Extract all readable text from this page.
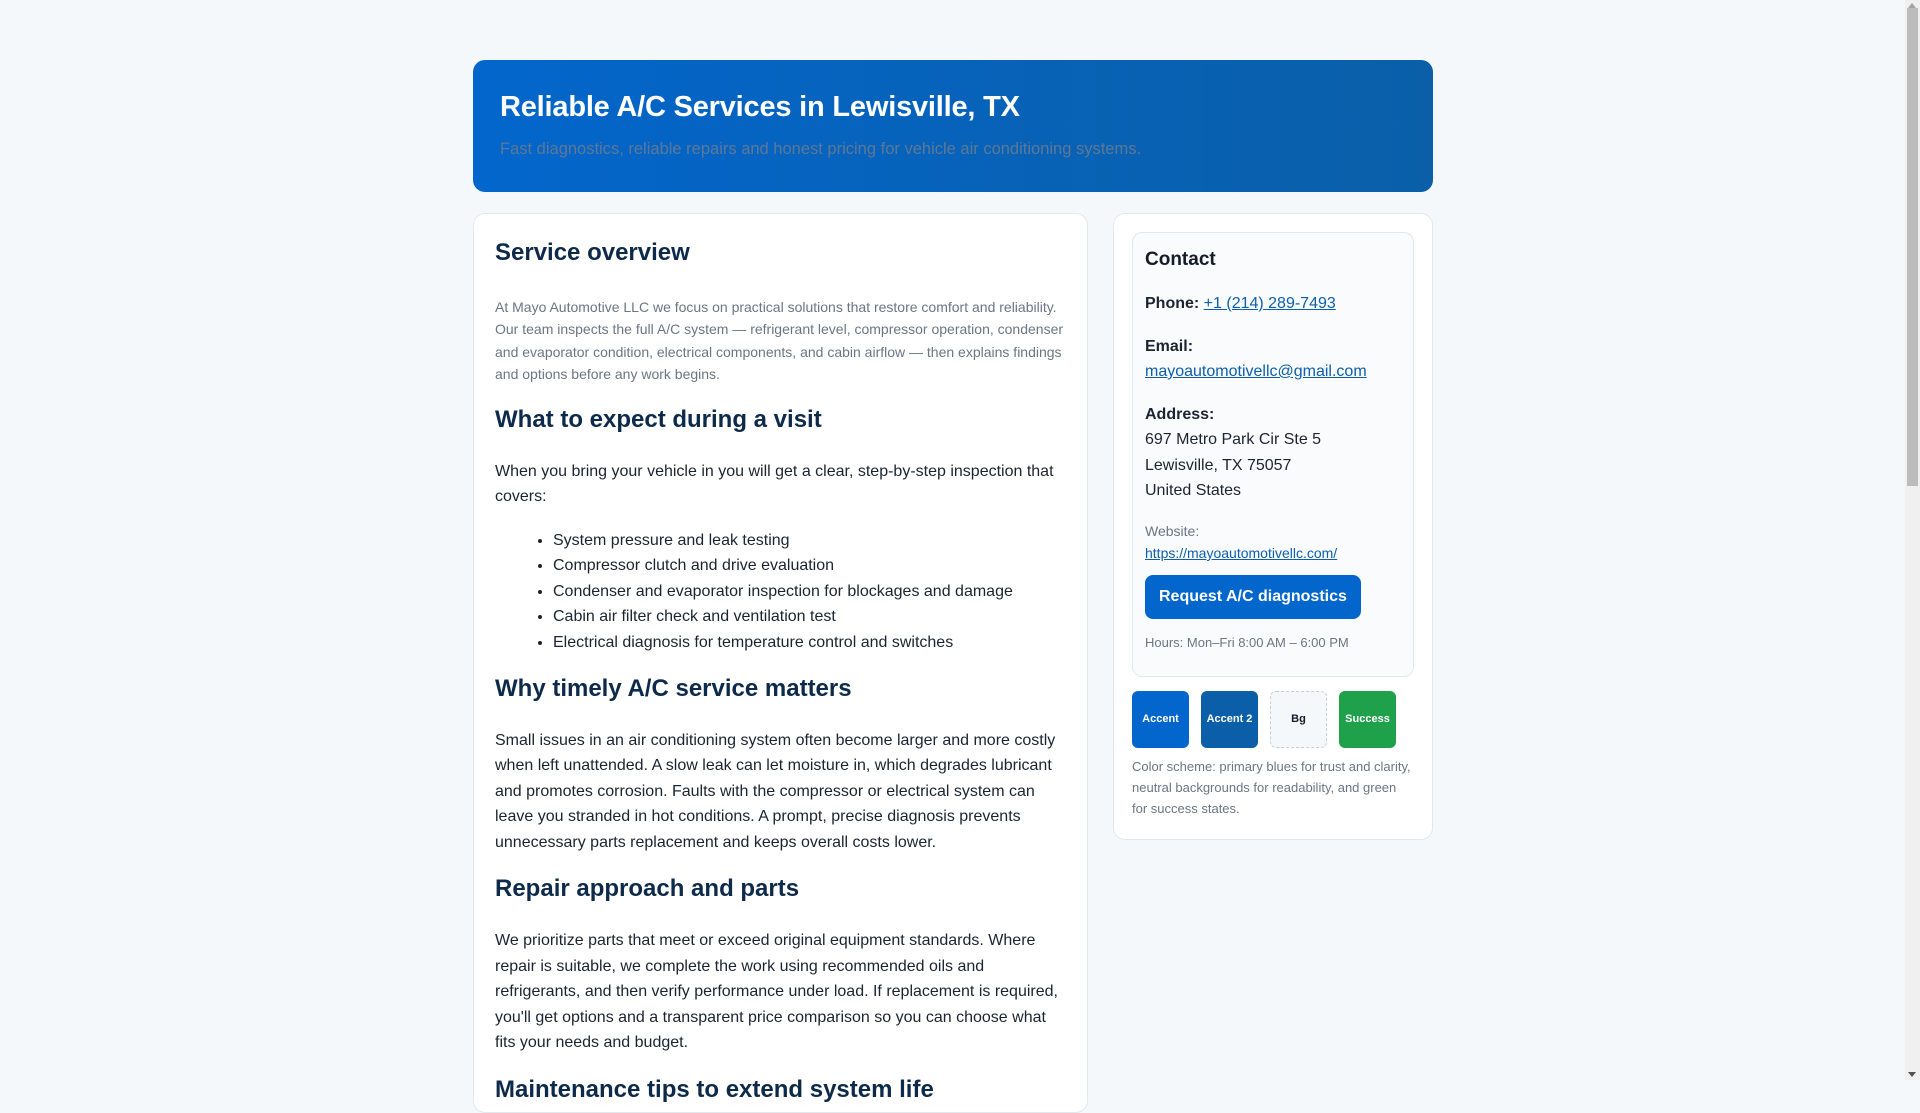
Reliable A/C Services in Lewisville, TX

Fast diagnostics, reliable repairs and honest pricing for vehicle air conditioning systems.

Service overview

At Mayo Automotive LLC we focus on practical solutions that restore comfort and reliability. Our team inspects the full A/C system — refrigerant level, compressor operation, condenser and evaporator condition, electrical components, and cabin airflow — then explains findings and options before any work begins.

What to expect during a visit

When you bring your vehicle in you will get a clear, step-by-step inspection that covers:

• System pressure and leak testing
• Compressor clutch and drive evaluation
• Condenser and evaporator inspection for blockages and damage
• Cabin air filter check and ventilation test
• Electrical diagnosis for temperature control and switches
Why timely A/C service matters

Small issues in an air conditioning system often become larger and more costly when left unattended. A slow leak can let moisture in, which degrades lubricant and promotes corrosion. Faults with the compressor or electrical system can leave you stranded in hot conditions. A prompt, precise diagnosis prevents unnecessary parts replacement and keeps overall costs lower.

Repair approach and parts

We prioritize parts that meet or exceed original equipment standards. Where repair is suitable, we complete the work using recommended oils and refrigerants, and then verify performance under load. If replacement is required, you'll get options and a transparent price comparison so you can choose what fits your needs and budget.

Maintenance tips to extend system life
Contact
Phone: +1 (214) 289-7493
Email:
mayoautomotivellc@gmail.com
Address:
697 Metro Park Cir Ste 5
Lewisville, TX 75057
United States
Website:
https://mayoautomotivellc.com/
Request A/C diagnostics
Hours: Mon–Fri 8:00 AM – 6:00 PM
Accent	Accent 2	Bg	Success

Color scheme: primary blues for trust and clarity, neutral backgrounds for readability, and green for success states.
